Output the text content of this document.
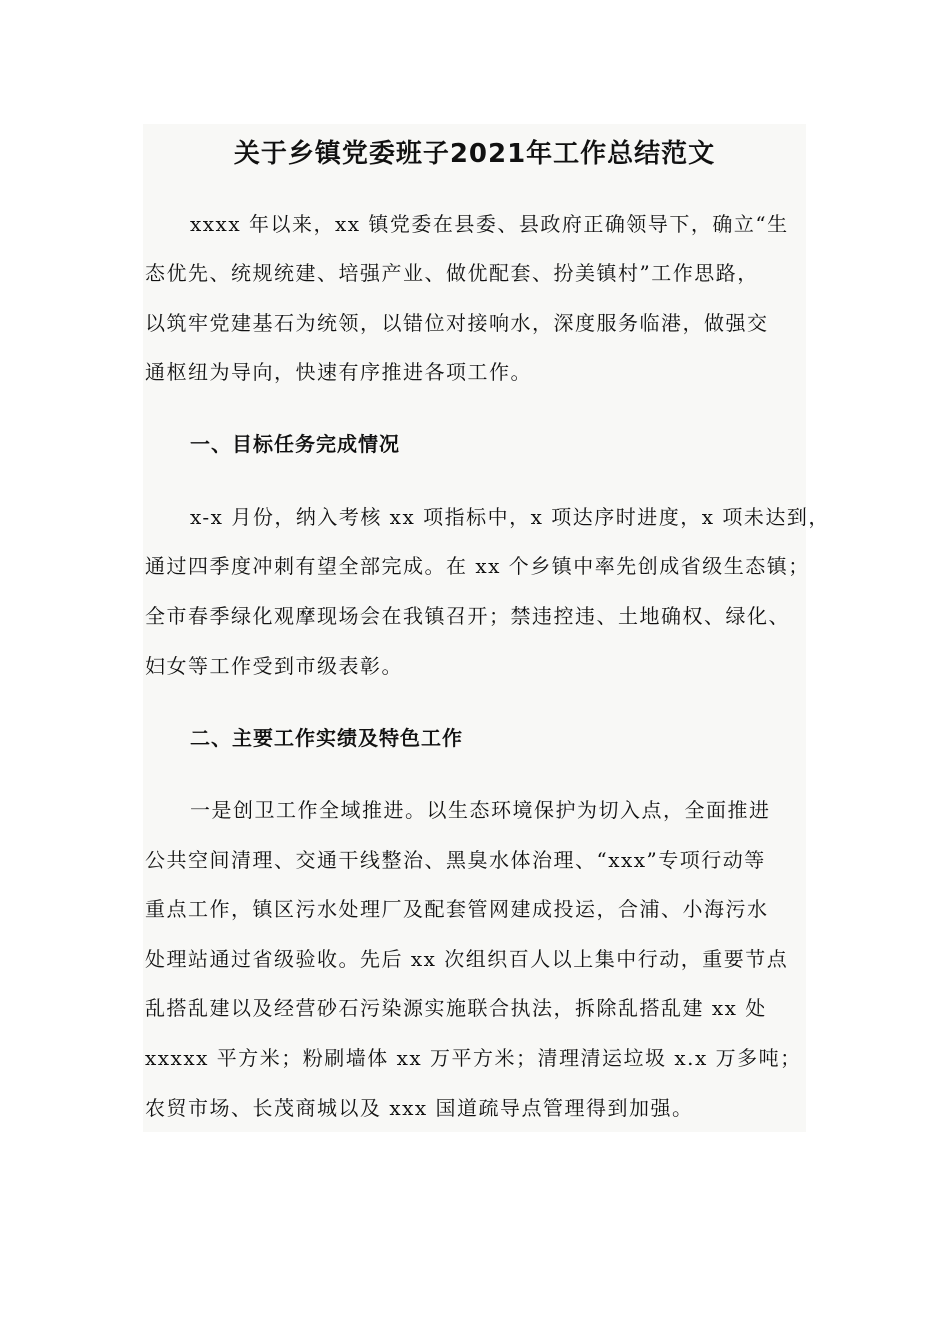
关于乡镇党委班子2021年工作总结范文
xxxx 年以来，xx 镇党委在县委、县政府正确领导下，确立“生
态优先、统规统建、培强产业、做优配套、扮美镇村”工作思路，
以筑牢党建基石为统领，以错位对接响水，深度服务临港，做强交
通枢纽为导向，快速有序推进各项工作。
一、目标任务完成情况
x-x 月份，纳入考核 xx 项指标中，x 项达序时进度，x 项未达到，
通过四季度冲刺有望全部完成。在 xx 个乡镇中率先创成省级生态镇；
全市春季绿化观摩现场会在我镇召开；禁违控违、土地确权、绿化、
妇女等工作受到市级表彰。
二、主要工作实绩及特色工作
一是创卫工作全域推进。以生态环境保护为切入点，全面推进
公共空间清理、交通干线整治、黑臭水体治理、“xxx”专项行动等
重点工作，镇区污水处理厂及配套管网建成投运，合浦、小海污水
处理站通过省级验收。先后 xx 次组织百人以上集中行动，重要节点
乱搭乱建以及经营砂石污染源实施联合执法，拆除乱搭乱建 xx 处
xxxxx 平方米；粉刷墙体 xx 万平方米；清理清运垃圾 x.x 万多吨；
农贸市场、长茂商城以及 xxx 国道疏导点管理得到加强。
